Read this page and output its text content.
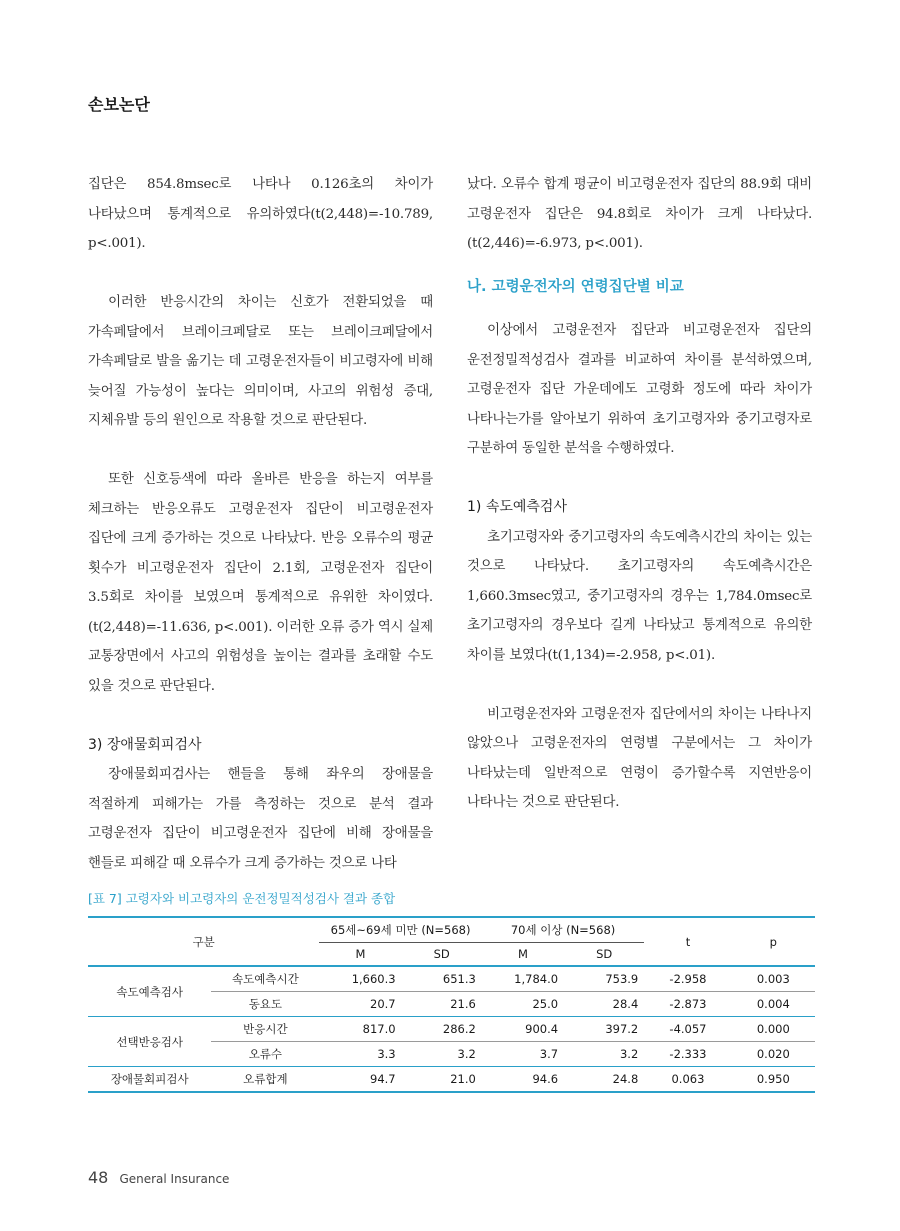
손보논단

집단은 854.8msec로 나타나 0.126초의 차이가 나타났으며 통계적으로 유의하였다(t(2,448)=-10.789, p<.001).

이러한 반응시간의 차이는 신호가 전환되었을 때 가속페달에서 브레이크페달로 또는 브레이크페달에서 가속페달로 발을 옮기는 데 고령운전자들이 비고령자에 비해 늦어질 가능성이 높다는 의미이며, 사고의 위험성 증대, 지체유발 등의 원인으로 작용할 것으로 판단된다.

또한 신호등색에 따라 올바른 반응을 하는지 여부를 체크하는 반응오류도 고령운전자 집단이 비고령운전자 집단에 크게 증가하는 것으로 나타났다. 반응 오류수의 평균 횟수가 비고령운전자 집단이 2.1회, 고령운전자 집단이 3.5회로 차이를 보였으며 통계적으로 유위한 차이였다.(t(2,448)=-11.636, p<.001). 이러한 오류 증가 역시 실제 교통장면에서 사고의 위험성을 높이는 결과를 초래할 수도 있을 것으로 판단된다.

3) 장애물회피검사

장애물회피검사는 핸들을 통해 좌우의 장애물을 적절하게 피해가는 가를 측정하는 것으로 분석 결과 고령운전자 집단이 비고령운전자 집단에 비해 장애물을 핸들로 피해갈 때 오류수가 크게 증가하는 것으로 나타

났다. 오류수 합계 평균이 비고령운전자 집단의 88.9회 대비 고령운전자 집단은 94.8회로 차이가 크게 나타났다.(t(2,446)=-6.973, p<.001).

나. 고령운전자의 연령집단별 비교

이상에서 고령운전자 집단과 비고령운전자 집단의 운전정밀적성검사 결과를 비교하여 차이를 분석하였으며, 고령운전자 집단 가운데에도 고령화 정도에 따라 차이가 나타나는가를 알아보기 위하여 초기고령자와 중기고령자로 구분하여 동일한 분석을 수행하였다.

1) 속도예측검사

초기고령자와 중기고령자의 속도예측시간의 차이는 있는 것으로 나타났다. 초기고령자의 속도예측시간은 1,660.3msec였고, 중기고령자의 경우는 1,784.0msec로 초기고령자의 경우보다 길게 나타났고 통계적으로 유의한 차이를 보였다(t(1,134)=-2.958, p<.01).

비고령운전자와 고령운전자 집단에서의 차이는 나타나지 않았으나 고령운전자의 연령별 구분에서는 그 차이가 나타났는데 일반적으로 연령이 증가할수록 지연반응이 나타나는 것으로 판단된다.

[표 7] 고령자와 비고령자의 운전정밀적성검사 결과 종합
구분		65세~69세 미만 (N=568)		70세 이상 (N=568)		t	p
		M	SD	M	SD		
속도예측검사	속도예측시간	1,660.3	651.3	1,784.0	753.9	-2.958	0.003
	동요도	20.7	21.6	25.0	28.4	-2.873	0.004
선택반응검사	반응시간	817.0	286.2	900.4	397.2	-4.057	0.000
	오류수	3.3	3.2	3.7	3.2	-2.333	0.020
장애물회피검사	오류합계	94.7	21.0	94.6	24.8	0.063	0.950
48 General Insurance
